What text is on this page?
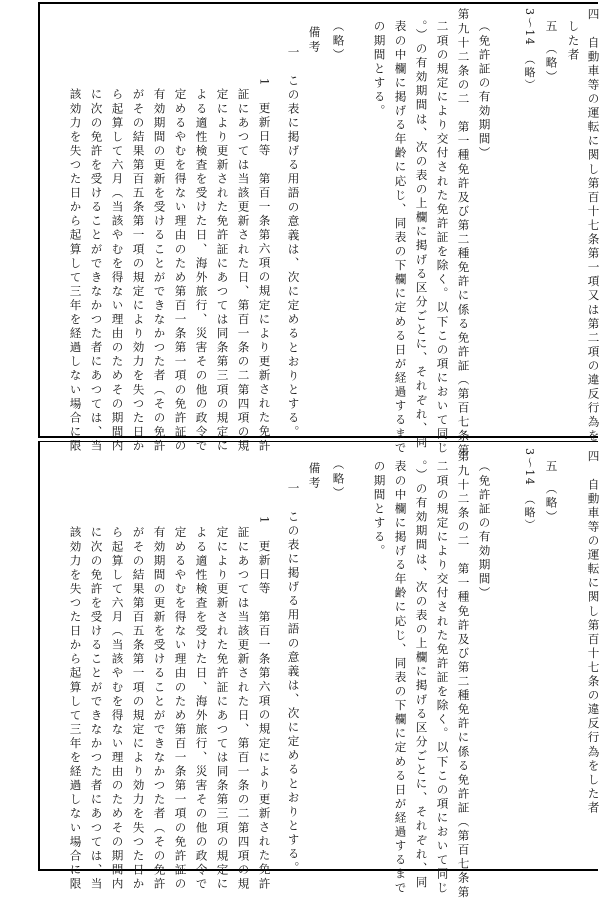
四　自動車等の運転に関し第百十七条第一項又は第二項の違反行為を

した者

五　（略）

3～14　（略）

（免許証の有効期間）

第九十二条の二　第一種免許及び第二種免許に係る免許証（第百七条第

二項の規定により交付された免許証を除く。以下この項において同じ

。）の有効期間は、次の表の上欄に掲げる区分ごとに、それぞれ、同

表の中欄に掲げる年齢に応じ、同表の下欄に定める日が経過するまで

の期間とする。

（略）

備考

一　この表に掲げる用語の意義は、次に定めるとおりとする。

1　更新日等　第百一条第六項の規定により更新された免許

証にあつては当該更新された日、第百一条の二第四項の規

定により更新された免許証にあつては同条第三項の規定に

よる適性検査を受けた日、海外旅行、災害その他の政令で

定めるやむを得ない理由のため第百一条第一項の免許証の

有効期間の更新を受けることができなかつた者（その免許

がその結果第百五条第一項の規定により効力を失つた日か

ら起算して六月（当該やむを得ない理由のためその期間内

に次の免許を受けることができなかつた者にあつては、当

該効力を失つた日から起算して三年を経過しない場合に限

四　自動車等の運転に関し第百十七条の違反行為をした者

五　（略）

3～14　（略）

（免許証の有効期間）

第九十二条の二　第一種免許及び第二種免許に係る免許証（第百七条第

二項の規定により交付された免許証を除く。以下この項において同じ

。）の有効期間は、次の表の上欄に掲げる区分ごとに、それぞれ、同

表の中欄に掲げる年齢に応じ、同表の下欄に定める日が経過するまで

の期間とする。

（略）

備考

一　この表に掲げる用語の意義は、次に定めるとおりとする。

1　更新日等　第百一条第六項の規定により更新された免許

証にあつては当該更新された日、第百一条の二第四項の規

定により更新された免許証にあつては同条第三項の規定に

よる適性検査を受けた日、海外旅行、災害その他の政令で

定めるやむを得ない理由のため第百一条第一項の免許証の

有効期間の更新を受けることができなかつた者（その免許

がその結果第百五条第一項の規定により効力を失つた日か

ら起算して六月（当該やむを得ない理由のためその期間内

に次の免許を受けることができなかつた者にあつては、当

該効力を失つた日から起算して三年を経過しない場合に限
